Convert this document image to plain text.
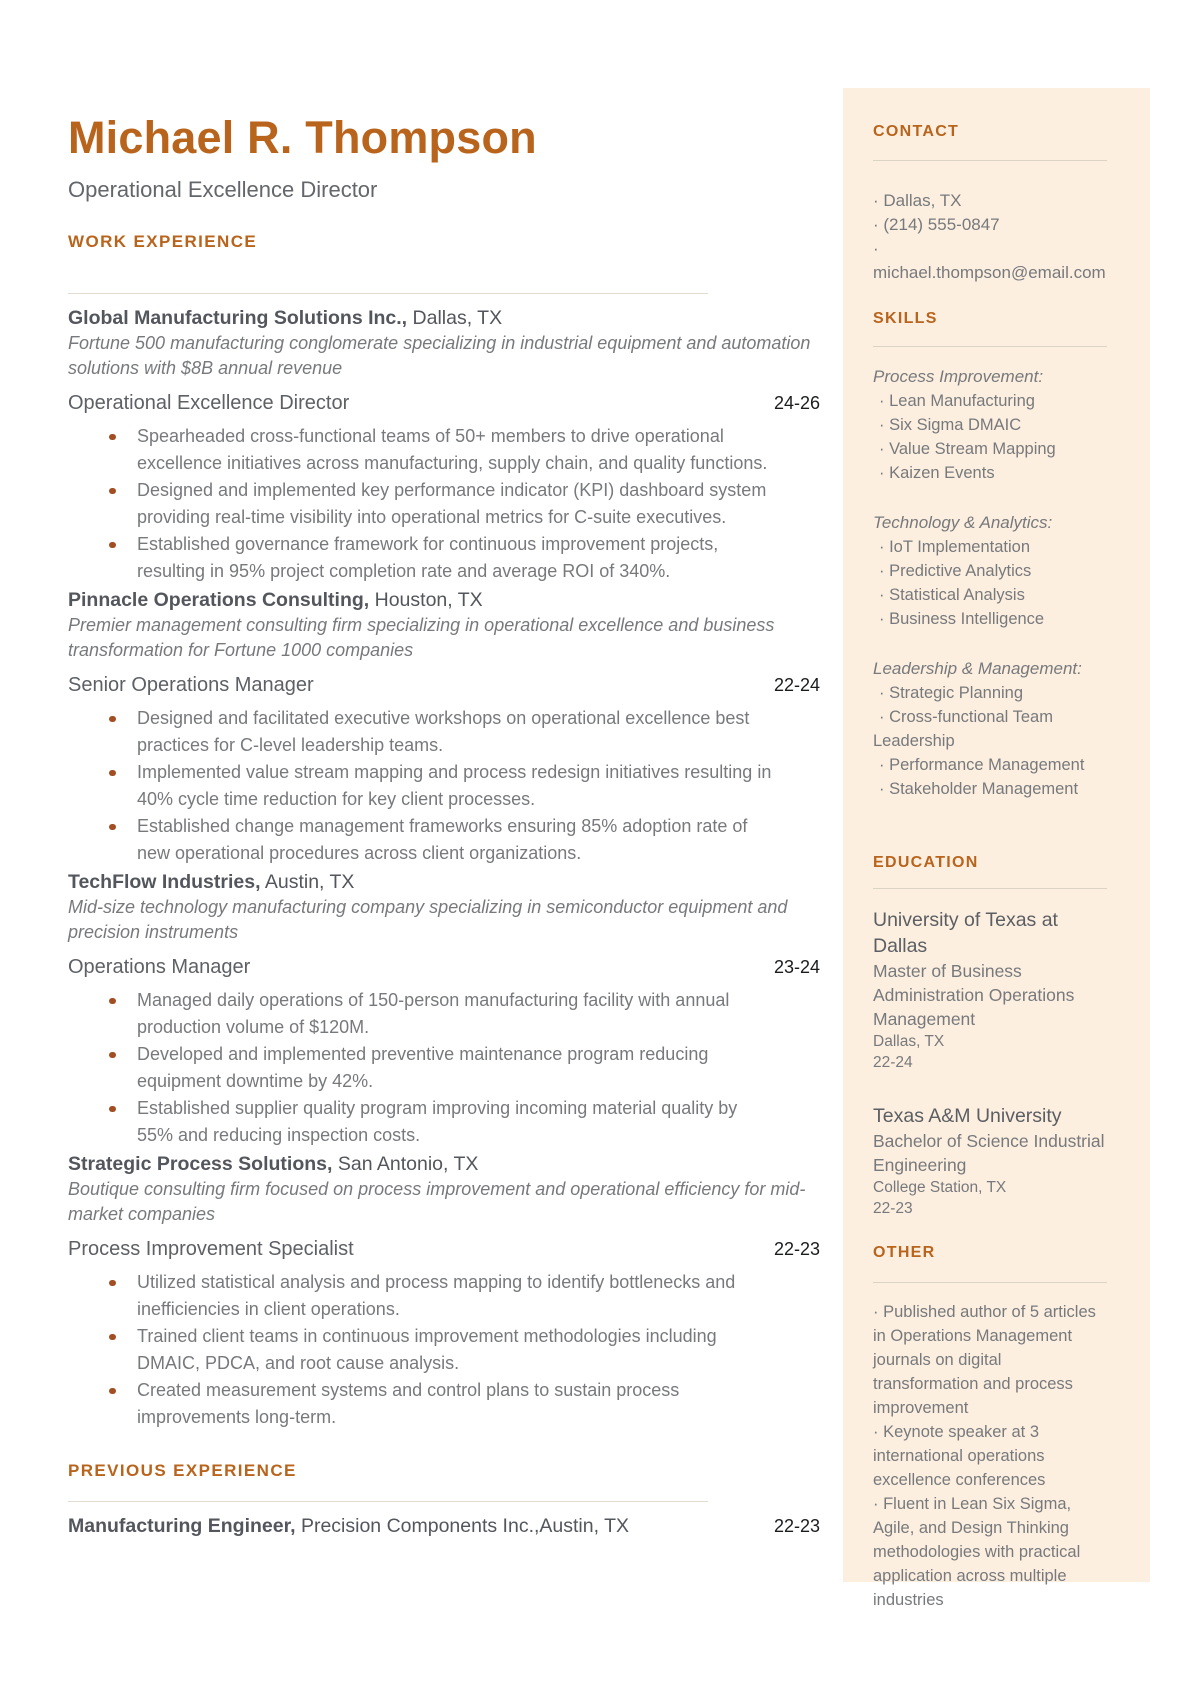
Michael R. Thompson
Operational Excellence Director
WORK EXPERIENCE
Global Manufacturing Solutions Inc., Dallas, TX

Fortune 500 manufacturing conglomerate specializing in industrial equipment and automation solutions with $8B annual revenue

Operational Excellence Director	24-26
Spearheaded cross-functional teams of 50+ members to drive operational excellence initiatives across manufacturing, supply chain, and quality functions.
Designed and implemented key performance indicator (KPI) dashboard system providing real-time visibility into operational metrics for C-suite executives.
Established governance framework for continuous improvement projects, resulting in 95% project completion rate and average ROI of 340%.
Pinnacle Operations Consulting, Houston, TX

Premier management consulting firm specializing in operational excellence and business transformation for Fortune 1000 companies

Senior Operations Manager	22-24
Designed and facilitated executive workshops on operational excellence best practices for C-level leadership teams.
Implemented value stream mapping and process redesign initiatives resulting in 40% cycle time reduction for key client processes.
Established change management frameworks ensuring 85% adoption rate of new operational procedures across client organizations.
TechFlow Industries, Austin, TX

Mid-size technology manufacturing company specializing in semiconductor equipment and precision instruments

Operations Manager	23-24
Managed daily operations of 150-person manufacturing facility with annual production volume of $120M.
Developed and implemented preventive maintenance program reducing equipment downtime by 42%.
Established supplier quality program improving incoming material quality by 55% and reducing inspection costs.
Strategic Process Solutions, San Antonio, TX

Boutique consulting firm focused on process improvement and operational efficiency for mid-market companies

Process Improvement Specialist	22-23
Utilized statistical analysis and process mapping to identify bottlenecks and inefficiencies in client operations.
Trained client teams in continuous improvement methodologies including DMAIC, PDCA, and root cause analysis.
Created measurement systems and control plans to sustain process improvements long-term.
PREVIOUS EXPERIENCE
Manufacturing Engineer, Precision Components Inc.,Austin, TX	22-23
CONTACT
· Dallas, TX
· (214) 555-0847
·
michael.thompson@email.com
SKILLS
Process Improvement:
· Lean Manufacturing
· Six Sigma DMAIC
· Value Stream Mapping
· Kaizen Events
Technology & Analytics:
· IoT Implementation
· Predictive Analytics
· Statistical Analysis
· Business Intelligence
Leadership & Management:
· Strategic Planning
· Cross-functional Team Leadership
· Performance Management
· Stakeholder Management
EDUCATION
University of Texas at Dallas
Master of Business Administration Operations Management
Dallas, TX
22-24
Texas A&M University
Bachelor of Science Industrial Engineering
College Station, TX
22-23
OTHER
· Published author of 5 articles in Operations Management journals on digital transformation and process improvement
· Keynote speaker at 3 international operations excellence conferences
· Fluent in Lean Six Sigma, Agile, and Design Thinking methodologies with practical application across multiple industries
